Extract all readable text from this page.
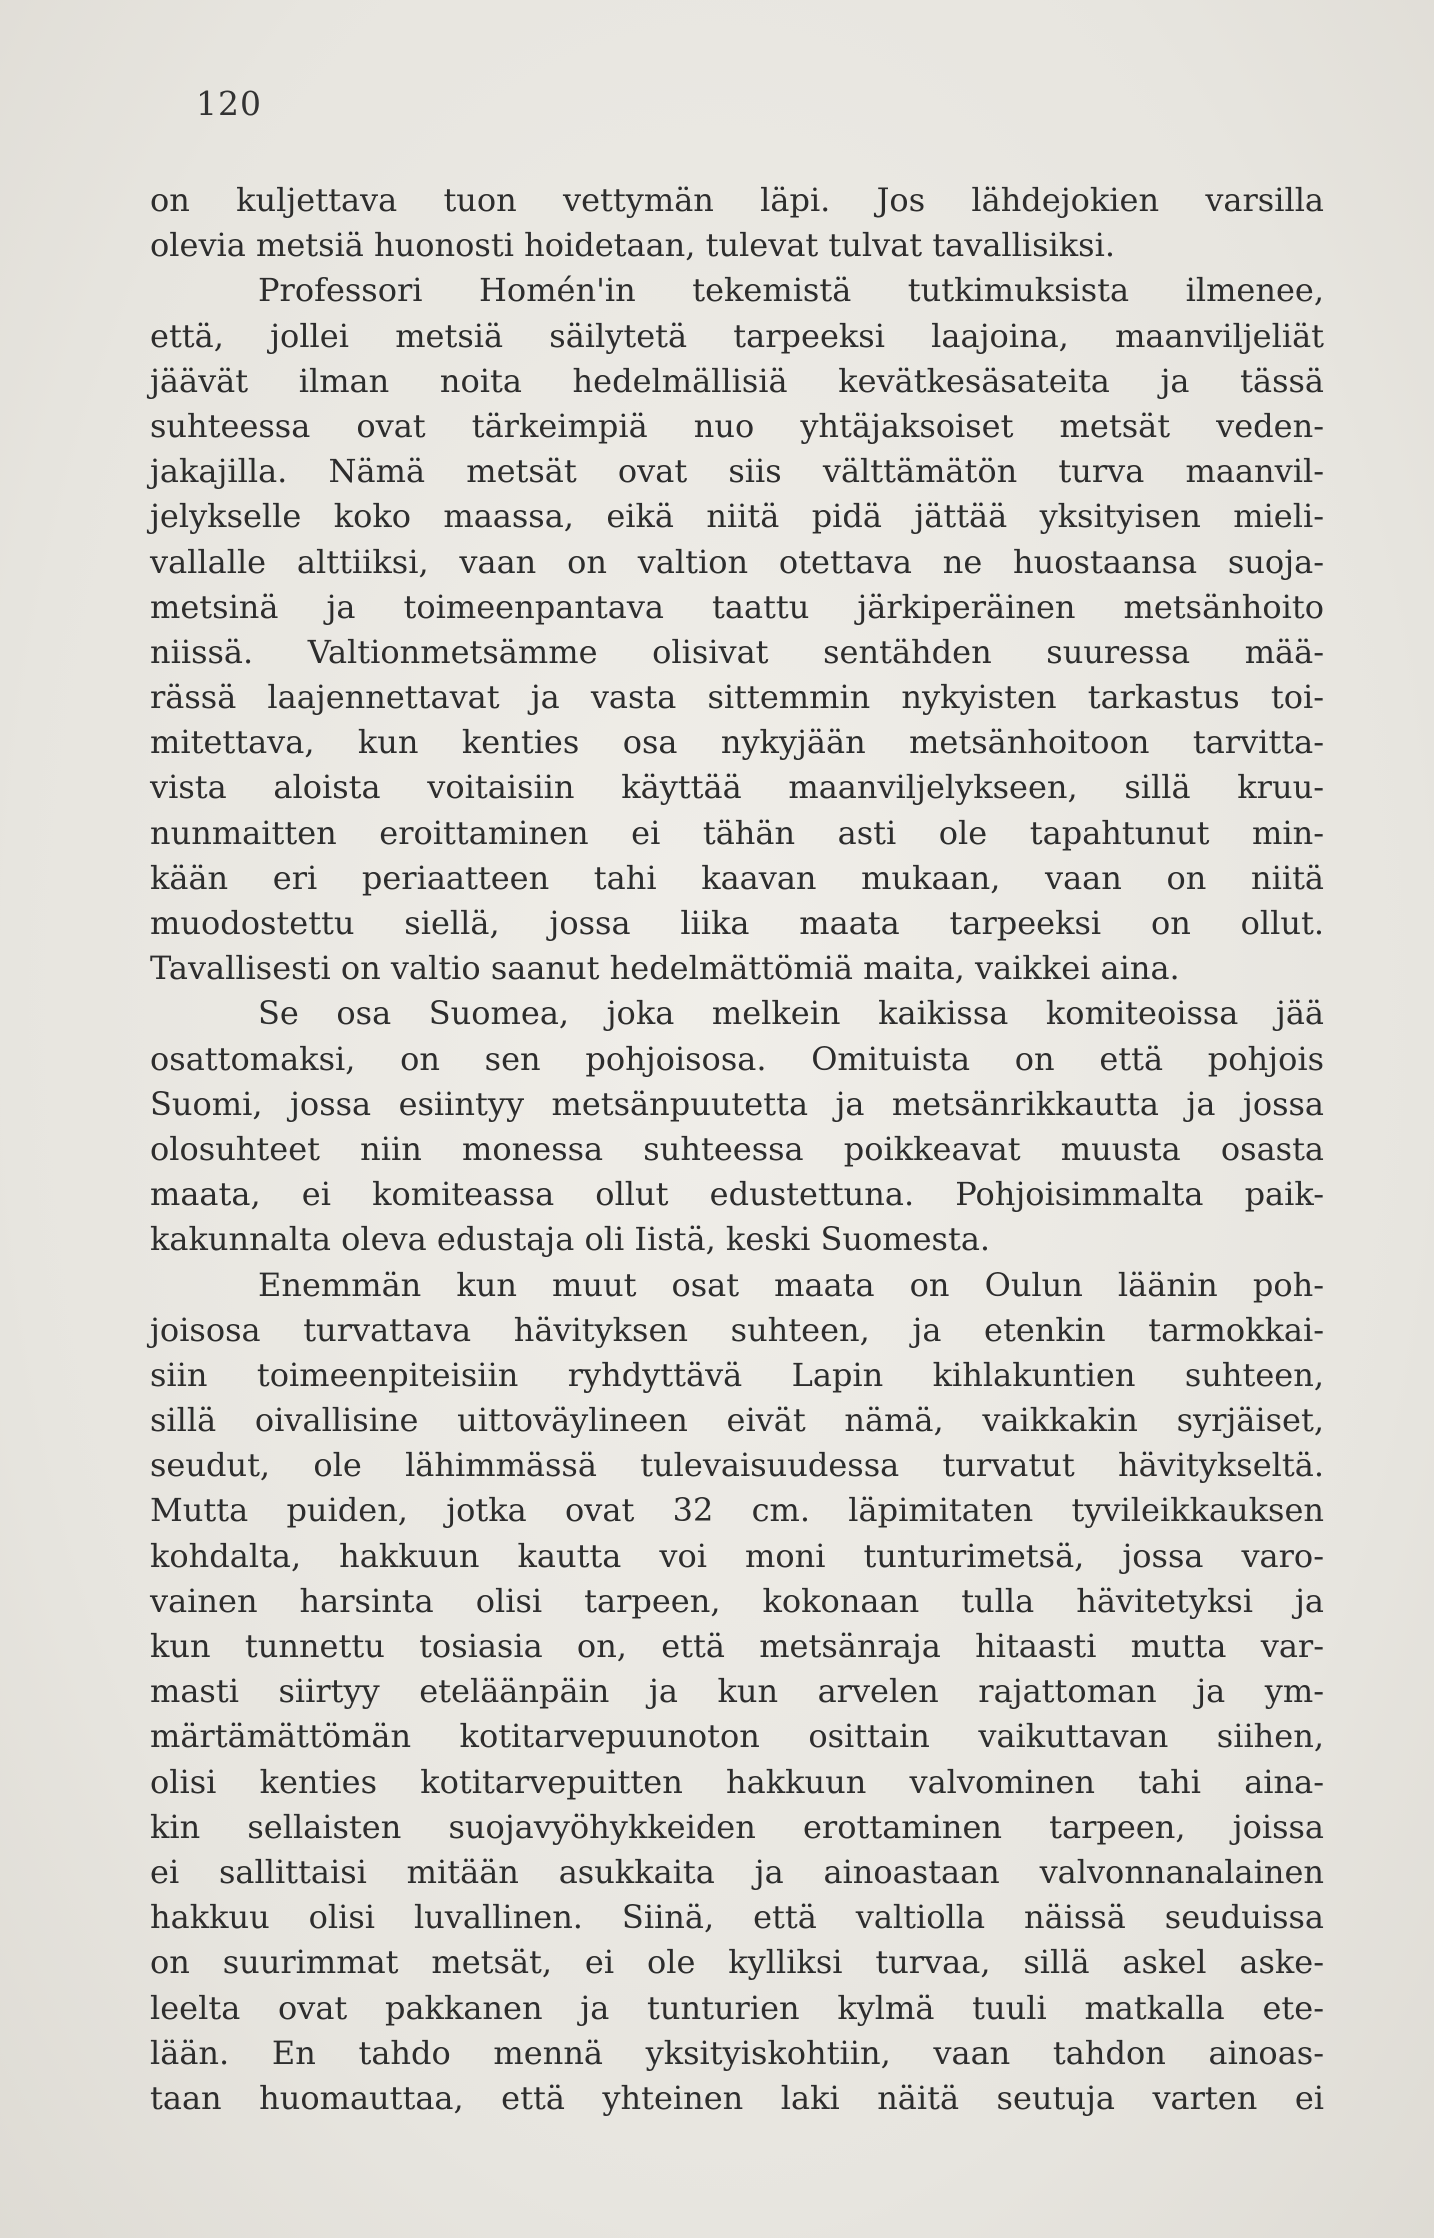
120
on kuljettava tuon vettymän läpi. Jos lähdejokien varsilla
olevia metsiä huonosti hoidetaan, tulevat tulvat tavallisiksi.
Professori Homén'in tekemistä tutkimuksista ilmenee,
että, jollei metsiä säilytetä tarpeeksi laajoina, maanviljeliät
jäävät ilman noita hedelmällisiä kevätkesäsateita ja tässä
suhteessa ovat tärkeimpiä nuo yhtäjaksoiset metsät veden-
jakajilla. Nämä metsät ovat siis välttämätön turva maanvil-
jelykselle koko maassa, eikä niitä pidä jättää yksityisen mieli-
vallalle alttiiksi, vaan on valtion otettava ne huostaansa suoja-
metsinä ja toimeenpantava taattu järkiperäinen metsänhoito
niissä. Valtionmetsämme olisivat sentähden suuressa mää-
rässä laajennettavat ja vasta sittemmin nykyisten tarkastus toi-
mitettava, kun kenties osa nykyjään metsänhoitoon tarvitta-
vista aloista voitaisiin käyttää maanviljelykseen, sillä kruu-
nunmaitten eroittaminen ei tähän asti ole tapahtunut min-
kään eri periaatteen tahi kaavan mukaan, vaan on niitä
muodostettu siellä, jossa liika maata tarpeeksi on ollut.
Tavallisesti on valtio saanut hedelmättömiä maita, vaikkei aina.
Se osa Suomea, joka melkein kaikissa komiteoissa jää
osattomaksi, on sen pohjoisosa. Omituista on että pohjois
Suomi, jossa esiintyy metsänpuutetta ja metsänrikkautta ja jossa
olosuhteet niin monessa suhteessa poikkeavat muusta osasta
maata, ei komiteassa ollut edustettuna. Pohjoisimmalta paik-
kakunnalta oleva edustaja oli Iistä, keski Suomesta.
Enemmän kun muut osat maata on Oulun läänin poh-
joisosa turvattava hävityksen suhteen, ja etenkin tarmokkai-
siin toimeenpiteisiin ryhdyttävä Lapin kihlakuntien suhteen,
sillä oivallisine uittoväylineen eivät nämä, vaikkakin syrjäiset,
seudut, ole lähimmässä tulevaisuudessa turvatut hävitykseltä.
Mutta puiden, jotka ovat 32 cm. läpimitaten tyvileikkauksen
kohdalta, hakkuun kautta voi moni tunturimetsä, jossa varo-
vainen harsinta olisi tarpeen, kokonaan tulla hävitetyksi ja
kun tunnettu tosiasia on, että metsänraja hitaasti mutta var-
masti siirtyy eteläänpäin ja kun arvelen rajattoman ja ym-
märtämättömän kotitarvepuunoton osittain vaikuttavan siihen,
olisi kenties kotitarvepuitten hakkuun valvominen tahi aina-
kin sellaisten suojavyöhykkeiden erottaminen tarpeen, joissa
ei sallittaisi mitään asukkaita ja ainoastaan valvonnanalainen
hakkuu olisi luvallinen. Siinä, että valtiolla näissä seuduissa
on suurimmat metsät, ei ole kylliksi turvaa, sillä askel aske-
leelta ovat pakkanen ja tunturien kylmä tuuli matkalla ete-
lään. En tahdo mennä yksityiskohtiin, vaan tahdon ainoas-
taan huomauttaa, että yhteinen laki näitä seutuja varten ei
